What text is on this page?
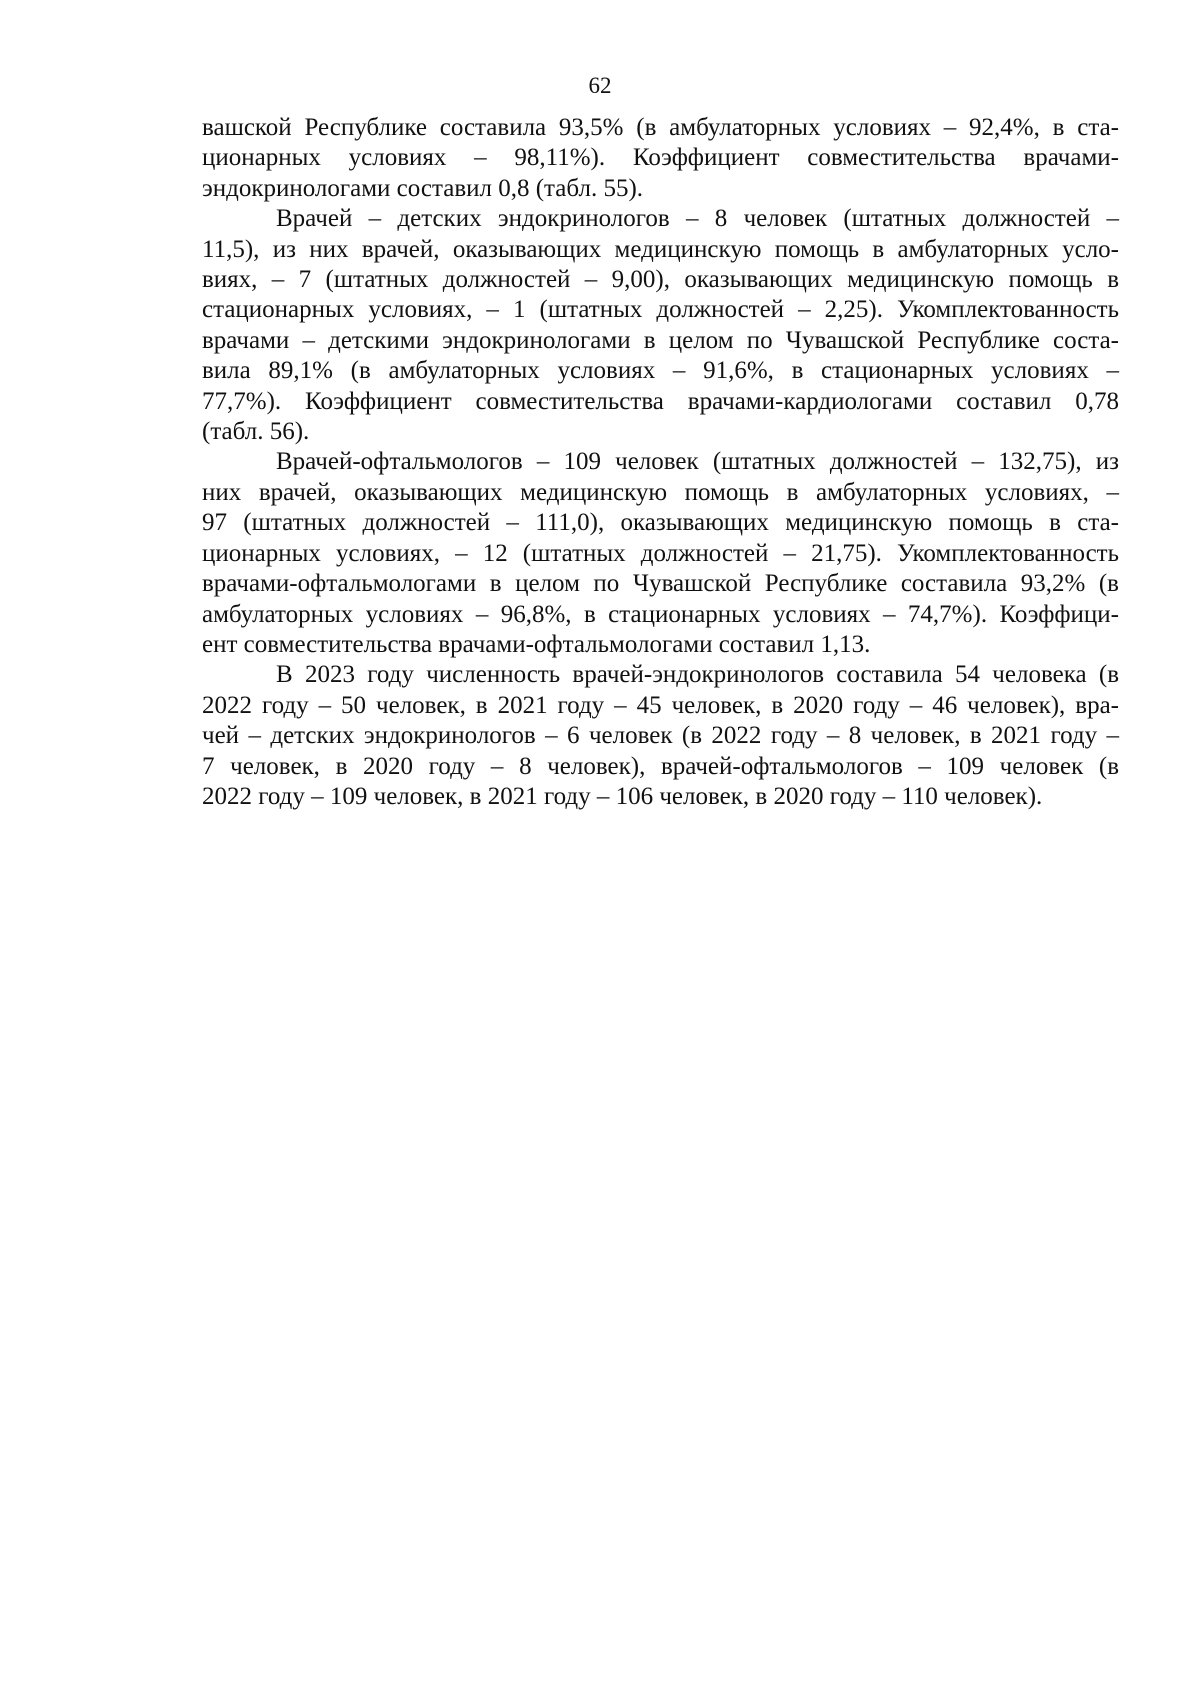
62

вашской Республике составила 93,5% (в амбулаторных условиях – 92,4%, в ста-
ционарных условиях – 98,11%). Коэффициент совместительства врачами-
эндокринологами составил 0,8 (табл. 55).

Врачей – детских эндокринологов – 8 человек (штатных должностей –
11,5), из них врачей, оказывающих медицинскую помощь в амбулаторных усло-
виях, – 7 (штатных должностей – 9,00), оказывающих медицинскую помощь в
стационарных условиях, – 1 (штатных должностей – 2,25). Укомплектованность
врачами – детскими эндокринологами в целом по Чувашской Республике соста-
вила 89,1% (в амбулаторных условиях – 91,6%, в стационарных условиях –
77,7%). Коэффициент совместительства врачами-кардиологами составил 0,78
(табл. 56).

Врачей-офтальмологов – 109 человек (штатных должностей – 132,75), из
них врачей, оказывающих медицинскую помощь в амбулаторных условиях, –
97 (штатных должностей – 111,0), оказывающих медицинскую помощь в ста-
ционарных условиях, – 12 (штатных должностей – 21,75). Укомплектованность
врачами-офтальмологами в целом по Чувашской Республике составила 93,2% (в
амбулаторных условиях – 96,8%, в стационарных условиях – 74,7%). Коэффици-
ент совместительства врачами-офтальмологами составил 1,13.

В 2023 году численность врачей-эндокринологов составила 54 человека (в
2022 году – 50 человек, в 2021 году – 45 человек, в 2020 году – 46 человек), вра-
чей – детских эндокринологов – 6 человек (в 2022 году – 8 человек, в 2021 году –
7 человек, в 2020 году – 8 человек), врачей-офтальмологов – 109 человек (в
2022 году – 109 человек, в 2021 году – 106 человек, в 2020 году – 110 человек).
